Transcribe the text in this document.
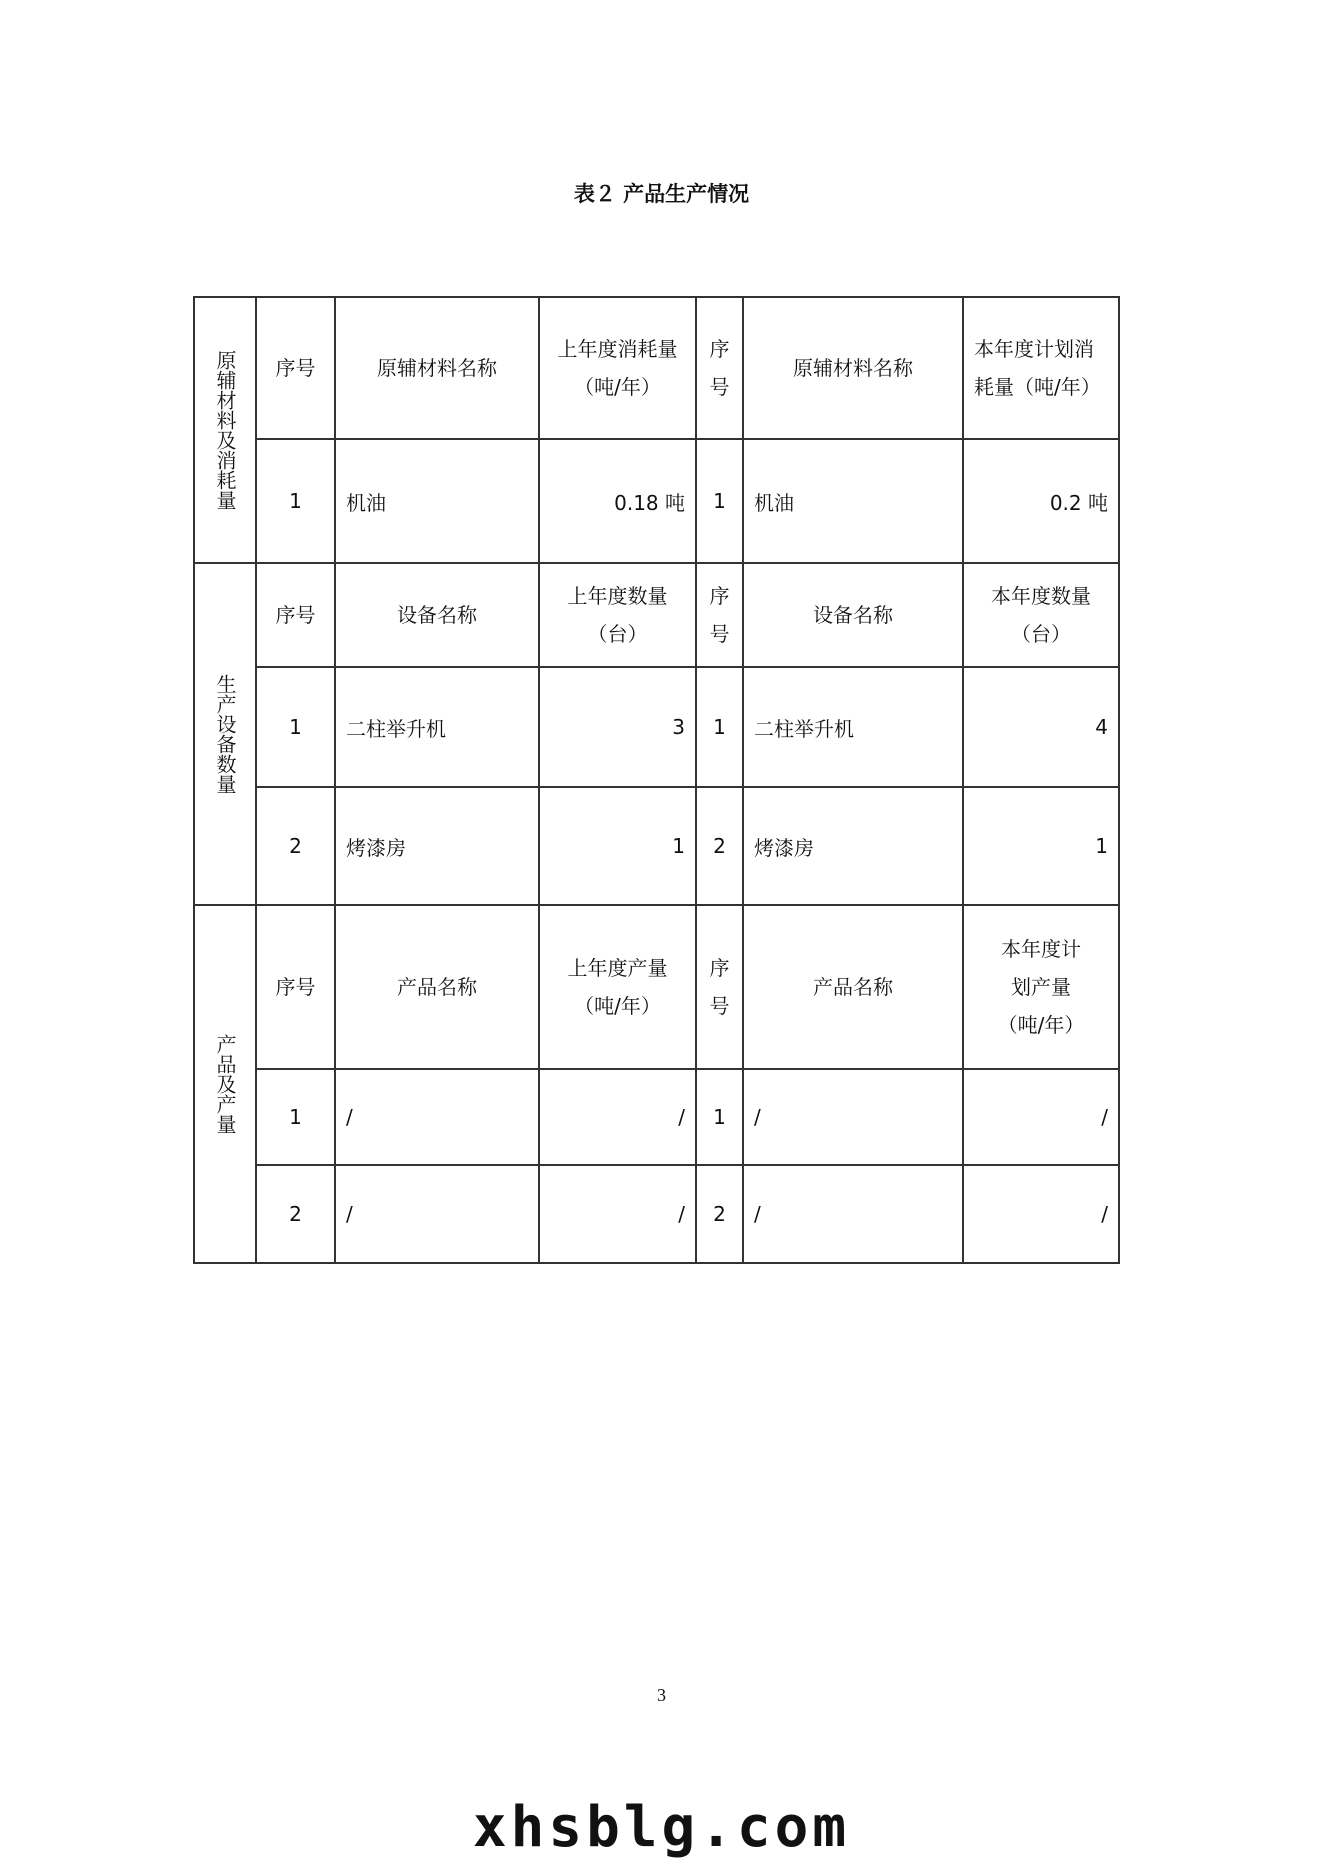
表２ 产品生产情况
原辅材料及消耗量	序号	原辅材料名称	上年度消耗量（吨/年）	序号	原辅材料名称	本年度计划消耗量（吨/年）
	1	机油	0.18 吨	1	机油	0.2 吨
生产设备数量	序号	设备名称	上年度数量（台）	序号	设备名称	本年度数量（台）
	1	二柱举升机	3	1	二柱举升机	4
	2	烤漆房	1	2	烤漆房	1
产品及产量	序号	产品名称	上年度产量（吨/年）	序号	产品名称	本年度计划产量（吨/年）
	1	/	/	1	/	/
	2	/	/	2	/	/
3
xhsblg.com
